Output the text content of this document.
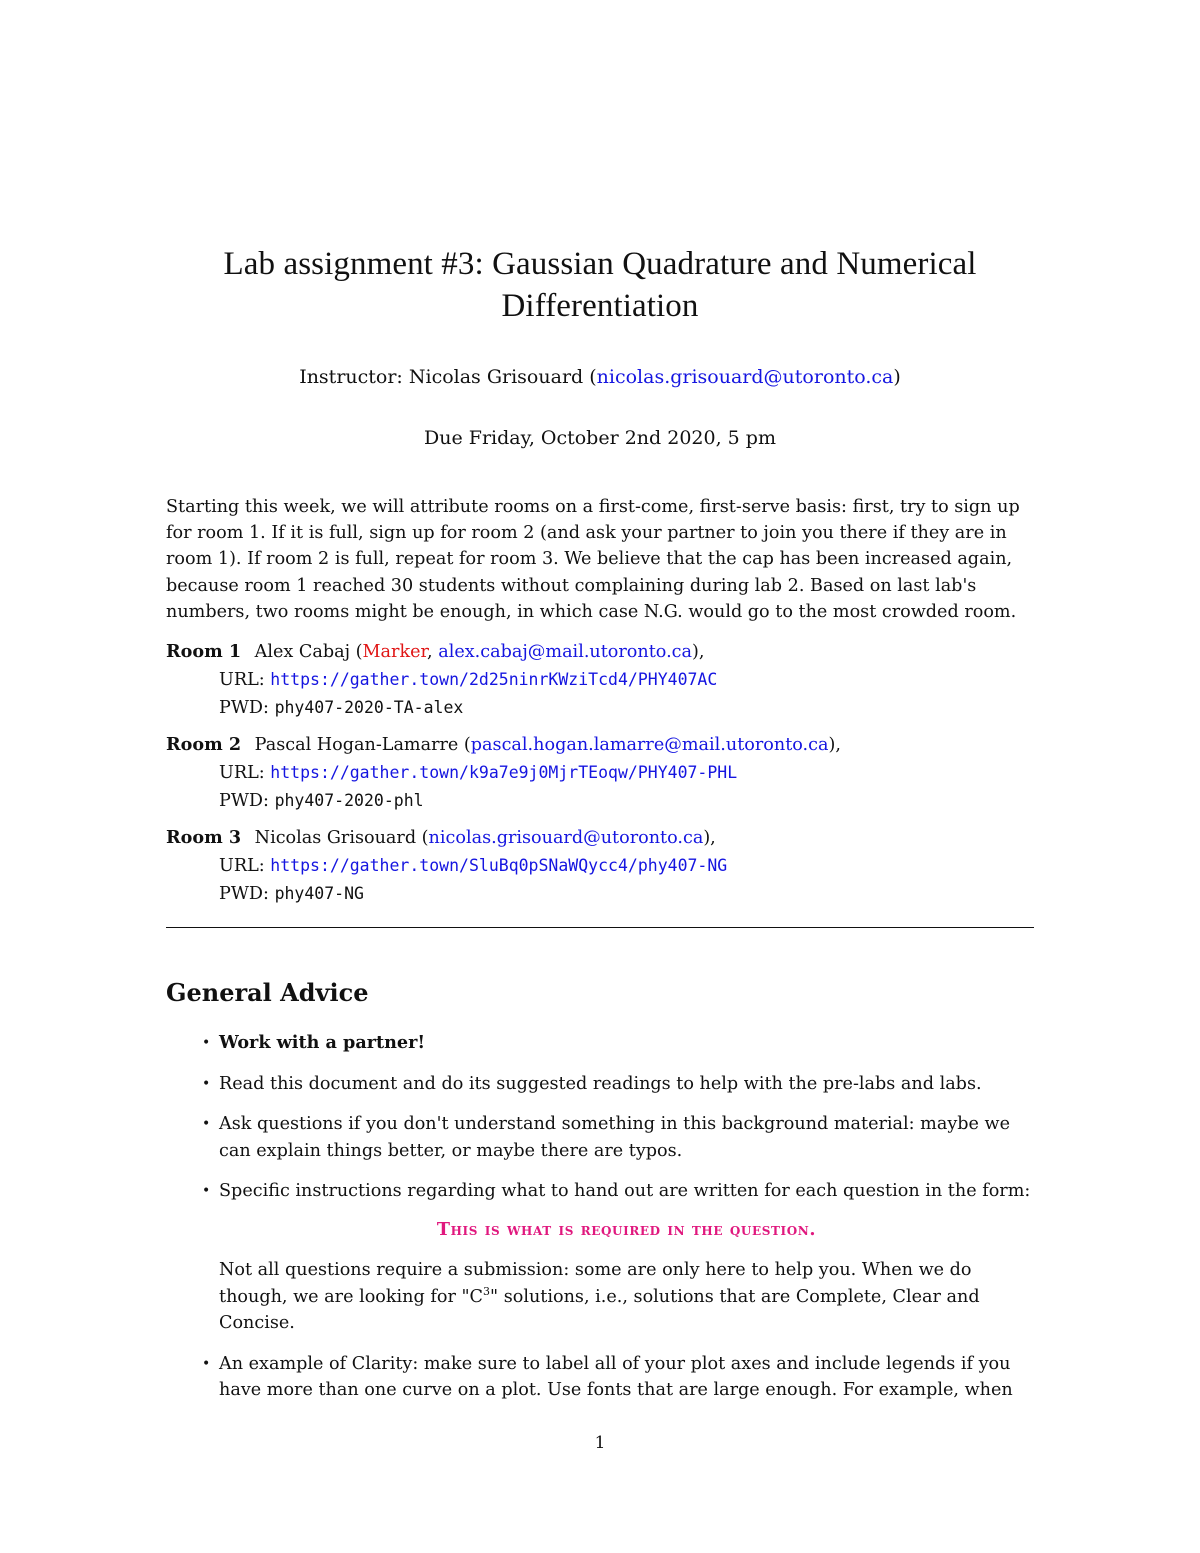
Lab assignment #3: Gaussian Quadrature and Numerical
Differentiation
Instructor: Nicolas Grisouard (nicolas.grisouard@utoronto.ca)
Due Friday, October 2nd 2020, 5 pm
Starting this week, we will attribute rooms on a first-come, first-serve basis: first, try to sign up for room 1. If it is full, sign up for room 2 (and ask your partner to join you there if they are in room 1). If room 2 is full, repeat for room 3. We believe that the cap has been increased again, because room 1 reached 30 students without complaining during lab 2. Based on last lab's numbers, two rooms might be enough, in which case N.G. would go to the most crowded room.
Room 1 Alex Cabaj (Marker, alex.cabaj@mail.utoronto.ca),
URL: https://gather.town/2d25ninrKWziTcd4/PHY407AC
PWD: phy407-2020-TA-alex
Room 2 Pascal Hogan-Lamarre (pascal.hogan.lamarre@mail.utoronto.ca),
URL: https://gather.town/k9a7e9j0MjrTEoqw/PHY407-PHL
PWD: phy407-2020-phl
Room 3 Nicolas Grisouard (nicolas.grisouard@utoronto.ca),
URL: https://gather.town/SluBq0pSNaWQycc4/phy407-NG
PWD: phy407-NG
General Advice
• Work with a partner!
• Read this document and do its suggested readings to help with the pre-labs and labs.
• Ask questions if you don't understand something in this background material: maybe we can explain things better, or maybe there are typos.
• Specific instructions regarding what to hand out are written for each question in the form:
This is what is required in the question.
Not all questions require a submission: some are only here to help you. When we do though, we are looking for "$C^3$" solutions, i.e., solutions that are Complete, Clear and Concise.
• An example of Clarity: make sure to label all of your plot axes and include legends if you have more than one curve on a plot. Use fonts that are large enough. For example, when
1
